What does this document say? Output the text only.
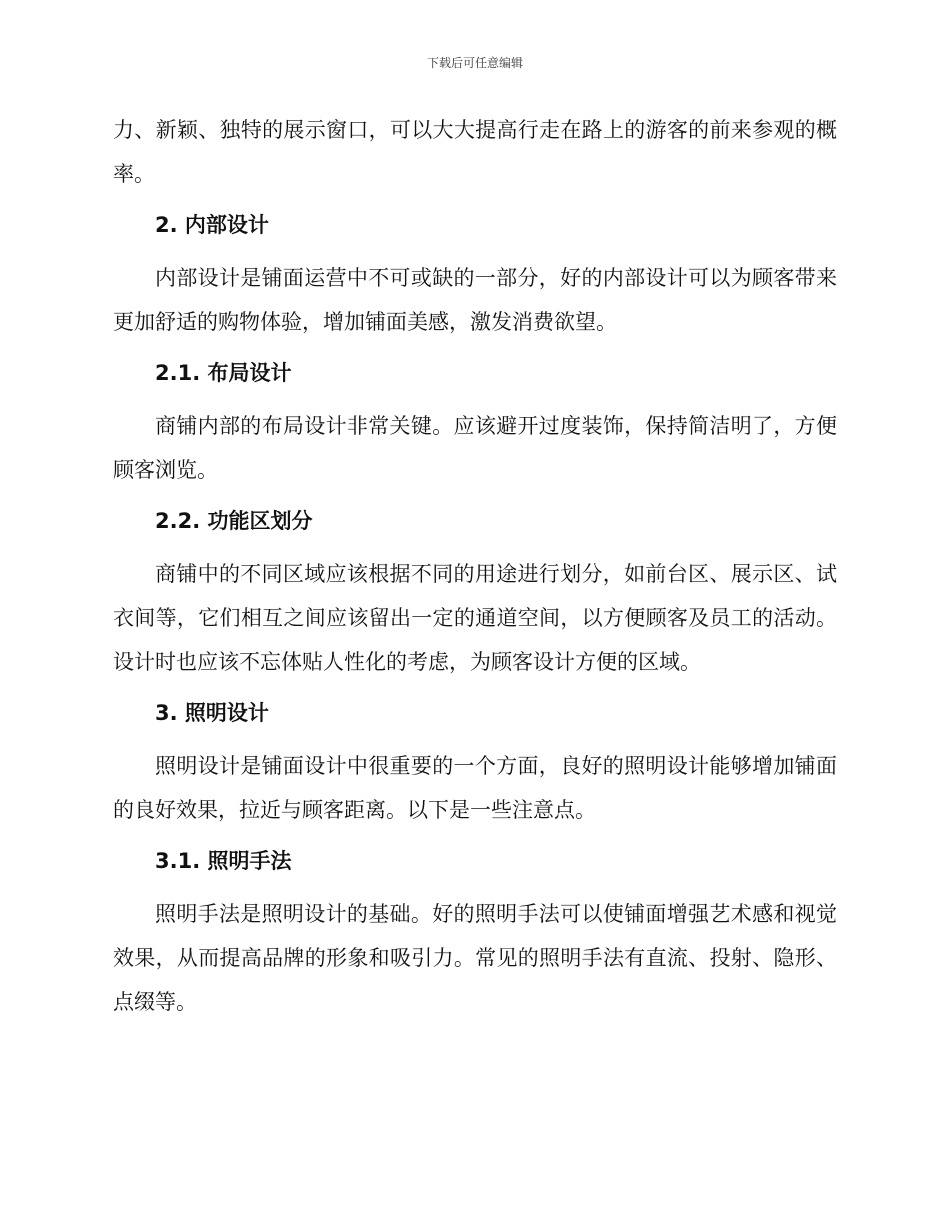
下载后可任意编辑

力、新颖、独特的展示窗口，可以大大提高行走在路上的游客的前来参观的概率。

2. 内部设计

内部设计是铺面运营中不可或缺的一部分，好的内部设计可以为顾客带来更加舒适的购物体验，增加铺面美感，激发消费欲望。

2.1. 布局设计

商铺内部的布局设计非常关键。应该避开过度装饰，保持简洁明了，方便顾客浏览。

2.2. 功能区划分

商铺中的不同区域应该根据不同的用途进行划分，如前台区、展示区、试衣间等，它们相互之间应该留出一定的通道空间，以方便顾客及员工的活动。设计时也应该不忘体贴人性化的考虑，为顾客设计方便的区域。

3. 照明设计

照明设计是铺面设计中很重要的一个方面，良好的照明设计能够增加铺面的良好效果，拉近与顾客距离。以下是一些注意点。

3.1. 照明手法

照明手法是照明设计的基础。好的照明手法可以使铺面增强艺术感和视觉效果，从而提高品牌的形象和吸引力。常见的照明手法有直流、投射、隐形、点缀等。
